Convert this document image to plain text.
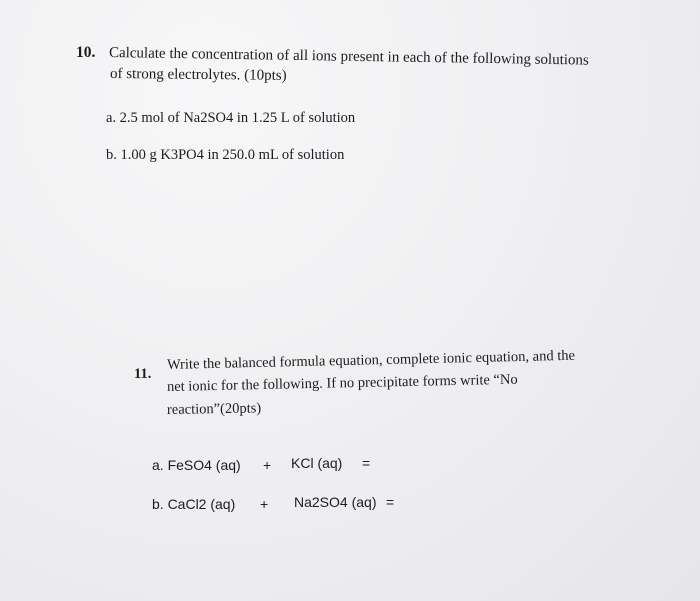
10. Calculate the concentration of all ions present in each of the following solutions
of strong electrolytes. (10pts)
a. 2.5 mol of Na2SO4 in 1.25 L of solution
b. 1.00 g K3PO4 in 250.0 mL of solution
11.
Write the balanced formula equation, complete ionic equation, and the
net ionic for the following. If no precipitate forms write “No
reaction”(20pts)
a. FeSO4 (aq) + KCl (aq) =
b. CaCl2 (aq) + Na2SO4 (aq) =
